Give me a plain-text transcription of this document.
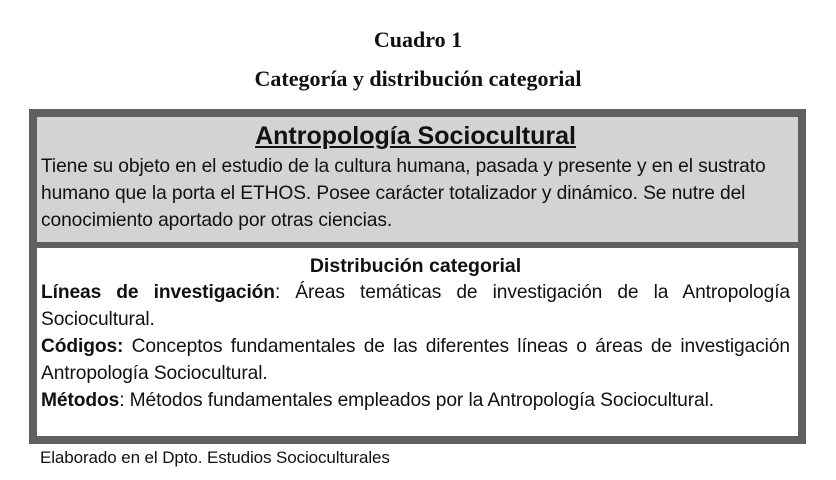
Cuadro 1
Categoría y distribución categorial
Antropología Sociocultural

Tiene su objeto en el estudio de la cultura humana, pasada y presente y en el sustrato humano que la porta el ETHOS. Posee carácter totalizador y dinámico. Se nutre del conocimiento aportado por otras ciencias.

Distribución categorial

Líneas de investigación: Áreas temáticas de investigación de la Antropología Sociocultural.

Códigos: Conceptos fundamentales de las diferentes líneas o áreas de investigación Antropología Sociocultural.

Métodos: Métodos fundamentales empleados por la Antropología Sociocultural.

Elaborado en el Dpto. Estudios Socioculturales
